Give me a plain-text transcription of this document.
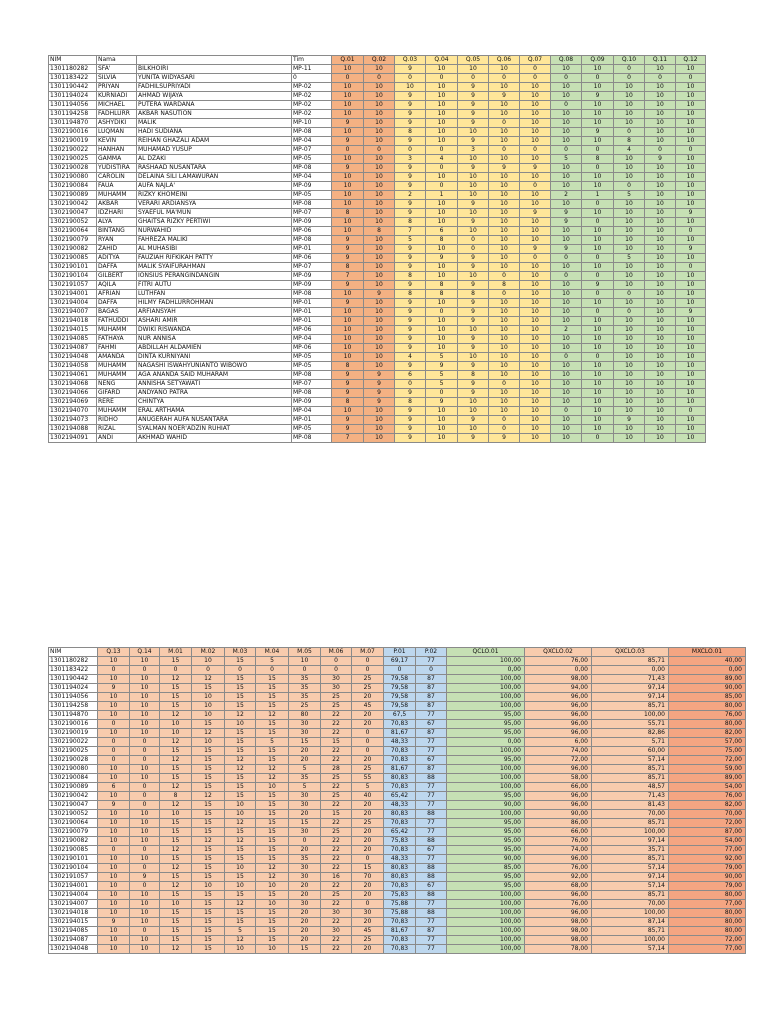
NIM	Nama		Tim	Q.01	Q.02	Q.03	Q.04	Q.05	Q.06	Q.07	Q.08	Q.09	Q.10	Q.11	Q.12
1301180282	SFA'	BILKHOIRI	MP-11	10	10	9	10	10	10	0	10	10	0	10	10
1301183422	SILVIA	YUNITA WIDYASARI	0	0	0	0	0	0	0	0	0	0	0	0	0
1301190442	PRIYAN	FADHILSUPRIYADI	MP-02	10	10	10	10	9	10	10	10	10	10	10	10
1301194024	KURNIADI	AHMAD WIJAYA	MP-02	10	10	9	10	9	9	10	10	9	10	10	10
1301194056	MICHAEL	PUTERA WARDANA	MP-02	10	10	9	10	9	10	10	0	10	10	10	10
1301194258	FADHLURR	AKBAR NASUTION	MP-02	10	10	9	10	9	10	10	10	10	10	10	10
1301194870	ASHYDIKI	MALIK	MP-10	9	10	9	10	9	0	10	10	10	10	10	10
1302190016	LUQMAN	HADI SUDIANA	MP-08	10	10	8	10	10	10	10	10	9	0	10	10
1302190019	KEVIN	REIHAN GHAZALI ADAM	MP-04	9	10	9	10	9	10	10	10	10	8	10	10
1302190022	HANHAN	MUHAMAD YUSUP	MP-07	0	0	0	0	3	0	0	0	0	4	0	0
1302190025	GAMMA	AL DZAKI	MP-05	10	10	3	4	10	10	10	5	8	10	9	10
1302190028	YUDISTIRA	RASHAAD NUSANTARA	MP-08	9	10	9	0	9	9	9	10	0	10	10	10
1302190080	CAROLIN	DELAINA SILI LAMAWURAN	MP-04	10	10	9	10	10	10	10	10	10	10	10	10
1302190084	FAUA	AUFA NAJLA'	MP-09	10	10	9	0	10	10	0	10	10	0	10	10
1302190089	MUHAMM	RIZKY KHOMEINI	MP-05	10	10	2	1	10	10	10	2	1	5	10	10
1302190042	AKBAR	VERARI ARDIANSYA	MP-08	10	10	9	10	9	10	10	10	0	10	10	10
1302190047	IDZHARI	SYAEFUL MA'MUN	MP-07	8	10	9	10	10	10	9	9	10	10	10	9
1302190052	ALYA	GHAITSA RIZKY PERTIWI	MP-09	10	10	8	10	9	10	10	9	0	10	10	10
1302190064	BINTANG	NURWAHID	MP-06	10	8	7	6	10	10	10	10	10	10	10	0
1302190079	RYAN	FAHREZA MALIKI	MP-08	9	10	5	8	0	10	10	10	10	10	10	10
1302190082	ZAHID	AL MUHASIBI	MP-01	9	10	9	10	0	10	9	9	10	10	10	9
1302190085	ADITYA	FAUZIAH RIFKIKAH PATTY	MP-06	9	10	9	9	9	10	0	0	0	5	10	10
1302190101	DAFFA	MALIK SYAIFURAHMAN	MP-07	8	10	9	10	9	10	10	10	10	10	10	0
1302190104	GILBERT	IONSIUS PERANGINDANGIN	MP-09	7	10	8	10	10	0	10	0	0	10	10	10
1302191057	AQILA	FITRI AUTU	MP-09	9	10	9	8	9	8	10	10	9	10	10	10
1302194001	AFRIAN	LUTHFAN	MP-08	10	9	8	8	8	0	10	10	0	0	10	10
1302194004	DAFFA	HILMY FADHLURROHMAN	MP-01	9	10	9	10	9	10	10	10	10	10	10	10
1302194007	BAGAS	ARFIANSYAH	MP-01	10	10	9	0	9	10	10	10	0	0	10	9
1302194018	FATHUDDI	ASHARI AMIR	MP-01	10	10	9	10	9	10	10	10	10	10	10	10
1302194015	MUHAMM	DWIKI RISWANDA	MP-06	10	10	9	10	10	10	10	2	10	10	10	10
1302194085	FATHAYA	NUR ANNISA	MP-04	10	10	9	10	9	10	10	10	10	10	10	10
1302194087	FAHMI	ABDILLAH ALDAMIEN	MP-06	10	10	9	10	9	10	10	10	10	10	10	10
1302194048	AMANDA	DINTA KURNIYANI	MP-05	10	10	4	5	10	10	10	0	0	10	10	10
1302194058	MUHAMM	NAGASHI ISWAHYUNIANTO WIBOWO	MP-05	8	10	9	9	9	10	10	10	10	10	10	10
1302194061	MUHAMM	AGA ANANDA SAID MUHARAM	MP-08	9	9	6	5	8	10	10	10	10	10	10	10
1302194068	NENG	ANNISHA SETYAWATI	MP-07	9	9	0	5	9	0	10	10	10	10	10	10
1302194066	GIFARD	ANDYANO PATRA	MP-08	9	9	9	0	9	10	10	10	10	10	10	10
1302194069	RERE	CHINTYA	MP-09	8	9	8	9	10	10	10	10	10	10	10	10
1302194070	MUHAMM	ERAL ARTHAMA	MP-04	10	10	9	10	10	10	10	0	10	10	10	0
1302194073	RIDHO	ANUGERAH AUFA NUSANTARA	MP-01	9	10	9	10	9	0	10	10	10	9	10	10
1302194088	RIZAL	SYALMAN NOER'ADZIN RUHIAT	MP-05	9	10	9	10	10	0	10	10	10	10	10	10
1302194091	ANDI	AKHMAD WAHID	MP-08	7	10	9	10	9	9	10	10	0	10	10	10
NIM	Q.13	Q.14	M.01	M.02	M.03	M.04	M.05	M.06	M.07	P.01	P.02	QCLO.01	QXCLO.02	QXCLO.03	MXCLO.01
1301180282	10	10	15	10	15	5	10	0	0	69,17	77	100,00	76,00	85,71	40,00
1301183422	0	0	0	0	0	0	0	0	0	0	0	0,00	0,00	0,00	0,00
1301190442	10	10	12	12	15	15	35	30	25	79,58	87	100,00	98,00	71,43	89,00
1301194024	9	10	15	15	15	15	35	30	25	79,58	87	100,00	94,00	97,14	90,00
1301194056	10	10	15	10	15	15	35	25	20	79,58	87	100,00	96,00	97,14	85,00
1301194258	10	10	15	10	15	15	25	25	45	79,58	87	100,00	96,00	85,71	80,00
1301194870	10	10	12	10	12	12	80	22	20	67,5	77	95,00	96,00	100,00	76,00
1302190016	0	10	10	15	10	15	30	22	20	70,83	67	95,00	96,00	55,71	80,00
1302190019	10	10	10	12	15	15	30	22	0	81,67	87	95,00	96,00	82,86	82,00
1302190022	0	0	12	10	15	5	15	15	0	48,33	77	0,00	6,00	5,71	57,00
1302190025	0	0	15	15	15	15	20	22	0	70,83	77	100,00	74,00	60,00	75,00
1302190028	0	0	12	15	12	15	20	22	20	70,83	67	95,00	72,00	57,14	72,00
1302190080	10	10	15	15	12	12	5	28	25	81,67	87	100,00	96,00	85,71	59,00
1302190084	10	10	15	15	15	12	35	25	55	80,83	88	100,00	58,00	85,71	89,00
1302190089	6	0	12	15	15	10	5	22	5	70,83	77	100,00	66,00	48,57	54,00
1302190042	10	0	8	12	15	15	30	25	40	65,42	77	95,00	96,00	71,43	76,00
1302190047	9	0	12	15	10	15	30	22	20	48,33	77	90,00	96,00	81,43	82,00
1302190052	10	10	10	15	10	15	20	15	20	80,83	88	100,00	90,00	70,00	70,00
1302190064	10	10	15	15	12	15	15	22	25	70,83	77	95,00	86,00	85,71	72,00
1302190079	10	10	15	15	15	15	30	25	20	65,42	77	95,00	66,00	100,00	87,00
1302190082	10	10	15	12	12	15	0	22	20	75,83	88	95,00	76,00	97,14	54,00
1302190085	0	0	12	15	15	15	20	22	20	70,83	67	95,00	74,00	35,71	77,00
1302190101	10	10	15	15	15	15	35	22	0	48,33	77	90,00	96,00	85,71	92,00
1302190104	10	0	12	15	10	12	30	22	15	80,83	88	85,00	76,00	57,14	79,00
1302191057	10	9	15	15	15	12	30	16	70	80,83	88	95,00	92,00	97,14	90,00
1302194001	10	0	12	10	10	10	20	22	20	70,83	67	95,00	68,00	57,14	79,00
1302194004	10	10	15	15	15	15	20	25	20	75,83	88	100,00	96,00	85,71	80,00
1302194007	10	10	10	15	12	10	30	22	0	75,88	77	100,00	76,00	70,00	77,00
1302194018	10	10	15	15	15	15	20	30	30	75,88	88	100,00	96,00	100,00	80,00
1302194015	9	10	15	15	15	15	20	22	20	70,83	77	100,00	98,00	87,14	80,00
1302194085	10	0	15	15	5	15	20	30	45	81,67	87	100,00	98,00	85,71	80,00
1302194087	10	10	15	15	12	15	20	22	25	70,83	77	100,00	98,00	100,00	72,00
1302194048	10	10	12	15	10	10	15	22	20	70,83	77	100,00	78,00	57,14	77,00
